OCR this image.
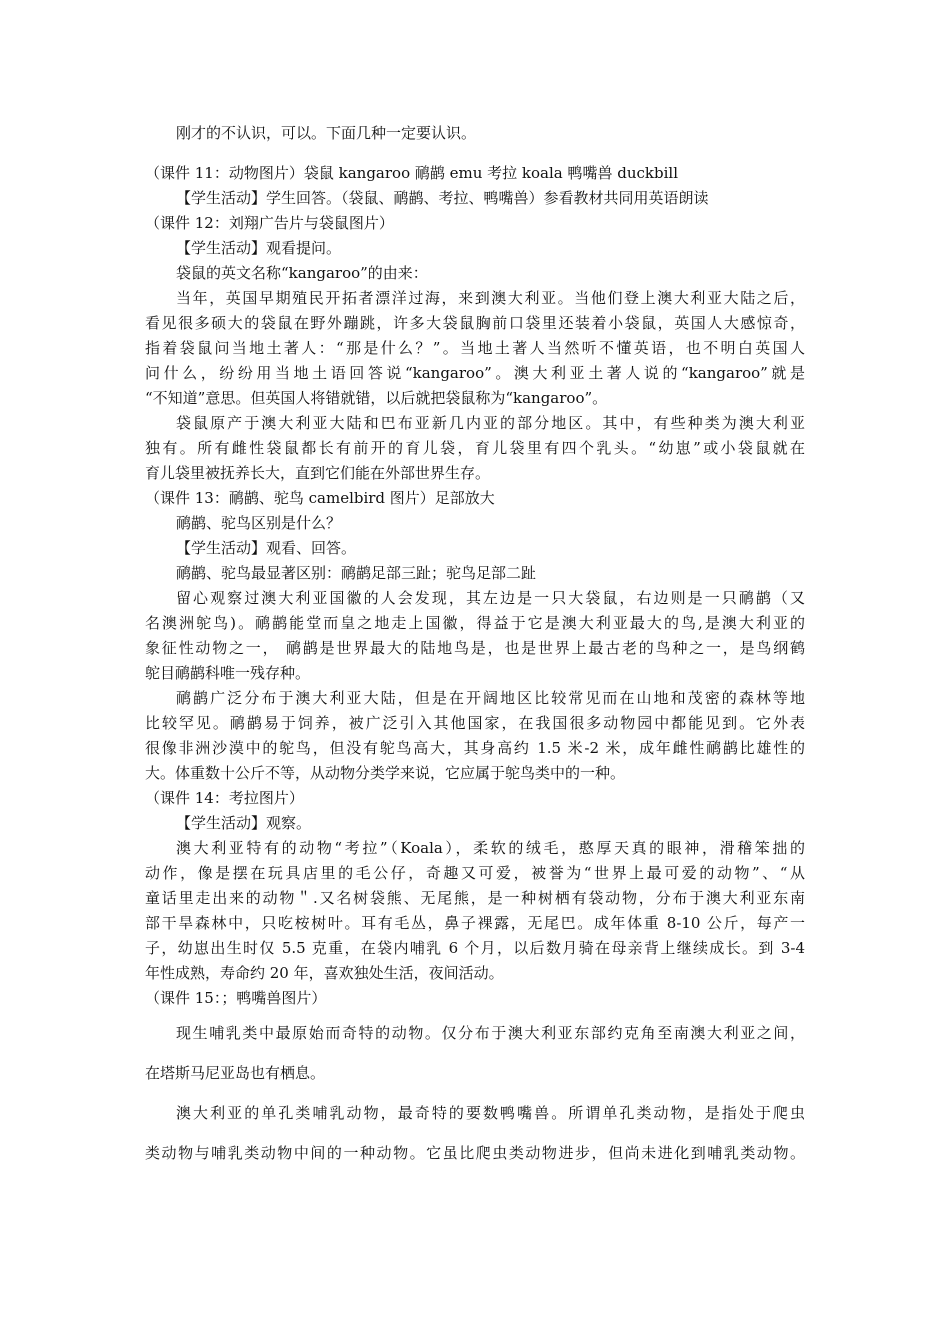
刚才的不认识，可以。下面几种一定要认识。
（课件 11：动物图片）袋鼠 kangaroo 鸸鹋 emu 考拉 koala 鸭嘴兽 duckbill
【学生活动】学生回答。（袋鼠、鸸鹋、考拉、鸭嘴兽）参看教材共同用英语朗读
（课件 12：刘翔广告片与袋鼠图片）
【学生活动】观看提问。
袋鼠的英文名称“kangaroo”的由来：
当年，英国早期殖民开拓者漂洋过海，来到澳大利亚。当他们登上澳大利亚大陆之后，
看见很多硕大的袋鼠在野外蹦跳，许多大袋鼠胸前口袋里还装着小袋鼠，英国人大感惊奇，
指着袋鼠问当地土著人：“那是什么？”。当地土著人当然听不懂英语，也不明白英国人
问什么，纷纷用当地土语回答说“kangaroo”。澳大利亚土著人说的“kangaroo”就是
“不知道”意思。但英国人将错就错，以后就把袋鼠称为“kangaroo”。
袋鼠原产于澳大利亚大陆和巴布亚新几内亚的部分地区。其中，有些种类为澳大利亚
独有。所有雌性袋鼠都长有前开的育儿袋，育儿袋里有四个乳头。“幼崽”或小袋鼠就在
育儿袋里被抚养长大，直到它们能在外部世界生存。
（课件 13：鸸鹋、驼鸟 camelbird 图片）足部放大
鸸鹋、驼鸟区别是什么？
【学生活动】观看、回答。
鸸鹋、驼鸟最显著区别：鸸鹋足部三趾；驼鸟足部二趾
留心观察过澳大利亚国徽的人会发现，其左边是一只大袋鼠，右边则是一只鸸鹋（又
名澳洲鸵鸟)。鸸鹋能堂而皇之地走上国徽，得益于它是澳大利亚最大的鸟,是澳大利亚的
象征性动物之一， 鸸鹋是世界最大的陆地鸟是，也是世界上最古老的鸟种之一，是鸟纲鹤
鸵目鸸鹋科唯一残存种。
鸸鹋广泛分布于澳大利亚大陆，但是在开阔地区比较常见而在山地和茂密的森林等地
比较罕见。鸸鹋易于饲养，被广泛引入其他国家，在我国很多动物园中都能见到。它外表
很像非洲沙漠中的鸵鸟，但没有鸵鸟高大，其身高约 1.5 米-2 米，成年雌性鸸鹋比雄性的
大。体重数十公斤不等，从动物分类学来说，它应属于鸵鸟类中的一种。
（课件 14：考拉图片）
【学生活动】观察。
澳大利亚特有的动物“考拉”（Koala），柔软的绒毛，憨厚天真的眼神，滑稽笨拙的
动作，像是摆在玩具店里的毛公仔，奇趣又可爱，被誉为“世界上最可爱的动物”、“从
童话里走出来的动物＂.又名树袋熊、无尾熊，是一种树栖有袋动物，分布于澳大利亚东南
部干旱森林中，只吃桉树叶。耳有毛丛，鼻子裸露，无尾巴。成年体重 8-10 公斤，每产一
子，幼崽出生时仅 5.5 克重，在袋内哺乳 6 个月，以后数月骑在母亲背上继续成长。到 3-4
年性成熟，寿命约 20 年，喜欢独处生活，夜间活动。
（课件 15：；鸭嘴兽图片）
现生哺乳类中最原始而奇特的动物。仅分布于澳大利亚东部约克角至南澳大利亚之间，
在塔斯马尼亚岛也有栖息。
澳大利亚的单孔类哺乳动物，最奇特的要数鸭嘴兽。所谓单孔类动物，是指处于爬虫
类动物与哺乳类动物中间的一种动物。它虽比爬虫类动物进步，但尚未进化到哺乳类动物。
